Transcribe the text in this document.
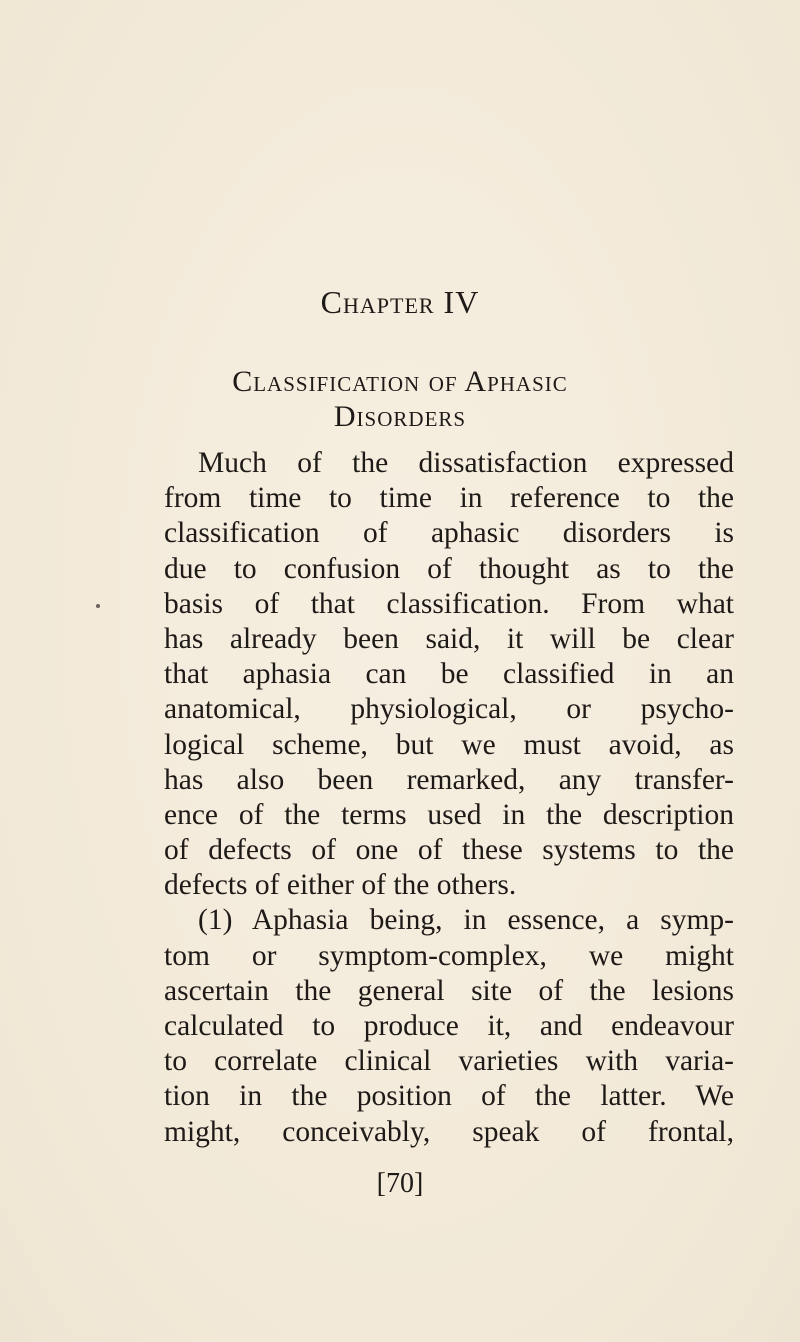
Chapter IV
Classification of Aphasic
Disorders
Much of the dissatisfaction expressed
from time to time in reference to the
classification of aphasic disorders is
due to confusion of thought as to the
basis of that classification. From what
has already been said, it will be clear
that aphasia can be classified in an
anatomical, physiological, or psycho-
logical scheme, but we must avoid, as
has also been remarked, any transfer-
ence of the terms used in the description
of defects of one of these systems to the
defects of either of the others.
(1) Aphasia being, in essence, a symp-
tom or symptom-complex, we might
ascertain the general site of the lesions
calculated to produce it, and endeavour
to correlate clinical varieties with varia-
tion in the position of the latter. We
might, conceivably, speak of frontal,
[70]
